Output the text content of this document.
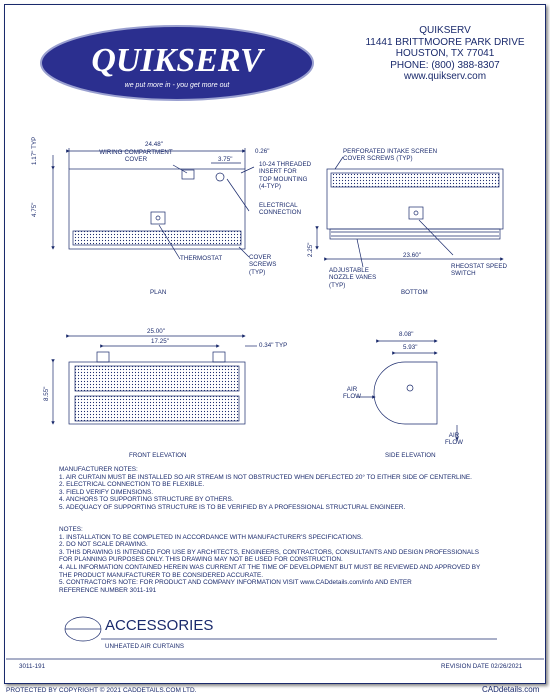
QUIKSERV
we put more in - you get more out
QUIKSERV
11441 BRITTMOORE PARK DRIVE
HOUSTON, TX 77041
PHONE: (800) 388-8307
www.quikserv.com
24.48"
0.26"
3.75"
1.17" TYP
4.75"
WIRING COMPARTMENT
COVER
10-24 THREADED
INSERT FOR
TOP MOUNTING
(4-TYP)
ELECTRICAL
CONNECTION
THERMOSTAT	COVER
SCREWS
(TYP)
PLAN
PERFORATED INTAKE SCREEN
COVER SCREWS (TYP)
2.25"	23.60"
ADJUSTABLE
NOZZLE VANES
(TYP)
RHEOSTAT SPEED
SWITCH
BOTTOM
25.00"
17.25"
0.34" TYP
8.55"
FRONT ELEVATION
8.08"
5.93"
AIR
FLOW
AIR
FLOW
SIDE ELEVATION
MANUFACTURER NOTES:
1. AIR CURTAIN MUST BE INSTALLED SO AIR STREAM IS NOT OBSTRUCTED WHEN DEFLECTED 20° TO EITHER SIDE OF CENTERLINE.
2. ELECTRICAL CONNECTION TO BE FLEXIBLE.
3. FIELD VERIFY DIMENSIONS.
4. ANCHORS TO SUPPORTING STRUCTURE BY OTHERS.
5. ADEQUACY OF SUPPORTING STRUCTURE IS TO BE VERIFIED BY A PROFESSIONAL STRUCTURAL ENGINEER.
NOTES:
1. INSTALLATION TO BE COMPLETED IN ACCORDANCE WITH MANUFACTURER'S SPECIFICATIONS.
2. DO NOT SCALE DRAWING.
3. THIS DRAWING IS INTENDED FOR USE BY ARCHITECTS, ENGINEERS, CONTRACTORS, CONSULTANTS AND DESIGN PROFESSIONALS
FOR PLANNING PURPOSES ONLY. THIS DRAWING MAY NOT BE USED FOR CONSTRUCTION.
4. ALL INFORMATION CONTAINED HEREIN WAS CURRENT AT THE TIME OF DEVELOPMENT BUT MUST BE REVIEWED AND APPROVED BY
THE PRODUCT MANUFACTURER TO BE CONSIDERED ACCURATE.
5. CONTRACTOR'S NOTE: FOR PRODUCT AND COMPANY INFORMATION VISIT www.CADdetails.com/info AND ENTER
REFERENCE NUMBER 3011-191
ACCESSORIES
UNHEATED AIR CURTAINS
3011-191	REVISION DATE 02/26/2021
PROTECTED BY COPYRIGHT © 2021 CADDETAILS.COM LTD.	CADdetails.com
